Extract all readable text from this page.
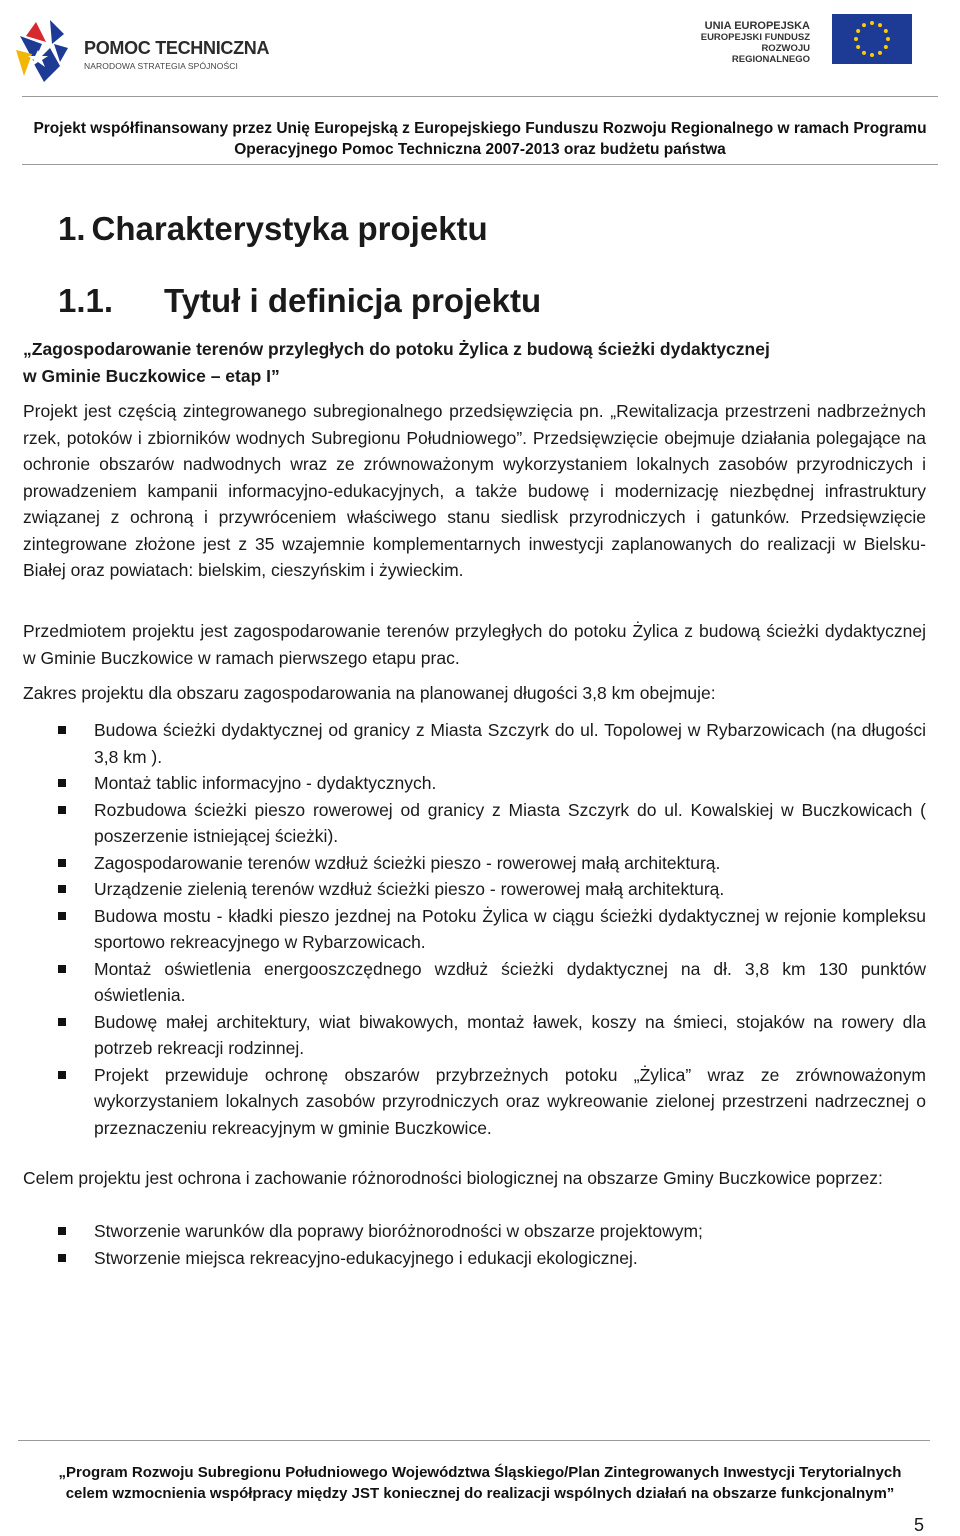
POMOC TECHNICZNA
NARODOWA STRATEGIA SPÓJNOŚCI
UNIA EUROPEJSKA
EUROPEJSKI FUNDUSZ
ROZWOJU REGIONALNEGO
Projekt współfinansowany przez Unię Europejską z Europejskiego Funduszu Rozwoju Regionalnego w ramach Programu
Operacyjnego Pomoc Techniczna 2007-2013 oraz budżetu państwa
1. Charakterystyka projektu
1.1. Tytuł i definicja projektu

„Zagospodarowanie terenów przyległych do potoku Żylica z budową ścieżki dydaktycznej

w Gminie Buczkowice – etap I”

Projekt jest częścią zintegrowanego subregionalnego przedsięwzięcia pn. „Rewitalizacja przestrzeni nadbrzeżnych rzek, potoków i zbiorników wodnych Subregionu Południowego”. Przedsięwzięcie obejmuje działania polegające na ochronie obszarów nadwodnych wraz ze zrównoważonym wykorzystaniem lokalnych zasobów przyrodniczych i prowadzeniem kampanii informacyjno-edukacyjnych, a także budowę i modernizację niezbędnej infrastruktury związanej z ochroną i przywróceniem właściwego stanu siedlisk przyrodniczych i gatunków. Przedsięwzięcie zintegrowane złożone jest z 35 wzajemnie komplementarnych inwestycji zaplanowanych do realizacji w Bielsku-Białej oraz powiatach: bielskim, cieszyńskim i żywieckim.

Przedmiotem projektu jest zagospodarowanie terenów przyległych do potoku Żylica z budową ścieżki dydaktycznej w Gminie Buczkowice w ramach pierwszego etapu prac.

Zakres projektu dla obszaru zagospodarowania na planowanej długości 3,8 km obejmuje:

Budowa ścieżki dydaktycznej od granicy z Miasta Szczyrk do ul. Topolowej w Rybarzowicach (na długości 3,8 km ).
Montaż tablic informacyjno - dydaktycznych.
Rozbudowa ścieżki pieszo rowerowej od granicy z Miasta Szczyrk do ul. Kowalskiej w Buczkowicach ( poszerzenie istniejącej ścieżki).
Zagospodarowanie terenów wzdłuż ścieżki pieszo - rowerowej małą architekturą.
Urządzenie zielenią terenów wzdłuż ścieżki pieszo - rowerowej małą architekturą.
Budowa mostu - kładki pieszo jezdnej na Potoku Żylica w ciągu ścieżki dydaktycznej w rejonie kompleksu sportowo rekreacyjnego w Rybarzowicach.
Montaż oświetlenia energooszczędnego wzdłuż ścieżki dydaktycznej na dł. 3,8 km 130 punktów oświetlenia.
Budowę małej architektury, wiat biwakowych, montaż ławek, koszy na śmieci, stojaków na rowery dla potrzeb rekreacji rodzinnej.
Projekt przewiduje ochronę obszarów przybrzeżnych potoku „Żylica” wraz ze zrównoważonym wykorzystaniem lokalnych zasobów przyrodniczych oraz wykreowanie zielonej przestrzeni nadrzecznej o przeznaczeniu rekreacyjnym w gminie Buczkowice.

Celem projektu jest ochrona i zachowanie różnorodności biologicznej na obszarze Gminy Buczkowice poprzez:

Stworzenie warunków dla poprawy bioróżnorodności w obszarze projektowym;
Stworzenie miejsca rekreacyjno-edukacyjnego i edukacji ekologicznej.
„Program Rozwoju Subregionu Południowego Województwa Śląskiego/Plan Zintegrowanych Inwestycji Terytorialnych
celem wzmocnienia współpracy między JST koniecznej do realizacji wspólnych działań na obszarze funkcjonalnym”
5
